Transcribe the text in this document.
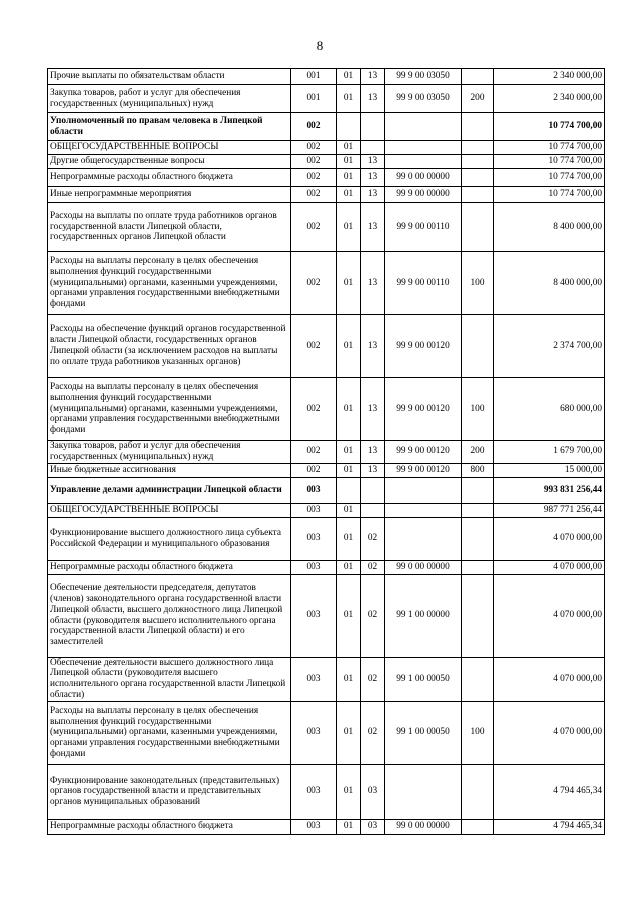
8
Прочие выплаты по обязательствам области	001	01	13	99 9 00 03050		2 340 000,00
Закупка товаров, работ и услуг для обеспечения государственных (муниципальных) нужд	001	01	13	99 9 00 03050	200	2 340 000,00
Уполномоченный по правам человека в Липецкой области	002					10 774 700,00
ОБЩЕГОСУДАРСТВЕННЫЕ ВОПРОСЫ	002	01				10 774 700,00
Другие общегосударственные вопросы	002	01	13			10 774 700,00
Непрограммные расходы областного бюджета	002	01	13	99 0 00 00000		10 774 700,00
Иные непрограммные мероприятия	002	01	13	99 9 00 00000		10 774 700,00
Расходы на выплаты по оплате труда работников органов государственной власти Липецкой области, государственных органов Липецкой области	002	01	13	99 9 00 00110		8 400 000,00
Расходы на выплаты персоналу в целях обеспечения выполнения функций государственными (муниципальными) органами, казенными учреждениями, органами управления государственными внебюджетными фондами	002	01	13	99 9 00 00110	100	8 400 000,00
Расходы на обеспечение функций органов государственной власти Липецкой области, государственных органов Липецкой области (за исключением расходов на выплаты по оплате труда работников указанных органов)	002	01	13	99 9 00 00120		2 374 700,00
Расходы на выплаты персоналу в целях обеспечения выполнения функций государственными (муниципальными) органами, казенными учреждениями, органами управления государственными внебюджетными фондами	002	01	13	99 9 00 00120	100	680 000,00
Закупка товаров, работ и услуг для обеспечения государственных (муниципальных) нужд	002	01	13	99 9 00 00120	200	1 679 700,00
Иные бюджетные ассигнования	002	01	13	99 9 00 00120	800	15 000,00
Управление делами администрации Липецкой области	003					993 831 256,44
ОБЩЕГОСУДАРСТВЕННЫЕ ВОПРОСЫ	003	01				987 771 256,44
Функционирование высшего должностного лица субъекта Российской Федерации и муниципального образования	003	01	02			4 070 000,00
Непрограммные расходы областного бюджета	003	01	02	99 0 00 00000		4 070 000,00
Обеспечение деятельности председателя, депутатов (членов) законодательного органа государственной власти Липецкой области, высшего должностного лица Липецкой области (руководителя высшего исполнительного органа государственной власти Липецкой области) и его заместителей	003	01	02	99 1 00 00000		4 070 000,00
Обеспечение деятельности высшего должностного лица Липецкой области (руководителя высшего исполнительного органа государственной власти Липецкой области)	003	01	02	99 1 00 00050		4 070 000,00
Расходы на выплаты персоналу в целях обеспечения выполнения функций государственными (муниципальными) органами, казенными учреждениями, органами управления государственными внебюджетными фондами	003	01	02	99 1 00 00050	100	4 070 000,00
Функционирование законодательных (представительных) органов государственной власти и представительных органов муниципальных образований	003	01	03			4 794 465,34
Непрограммные расходы областного бюджета	003	01	03	99 0 00 00000		4 794 465,34
